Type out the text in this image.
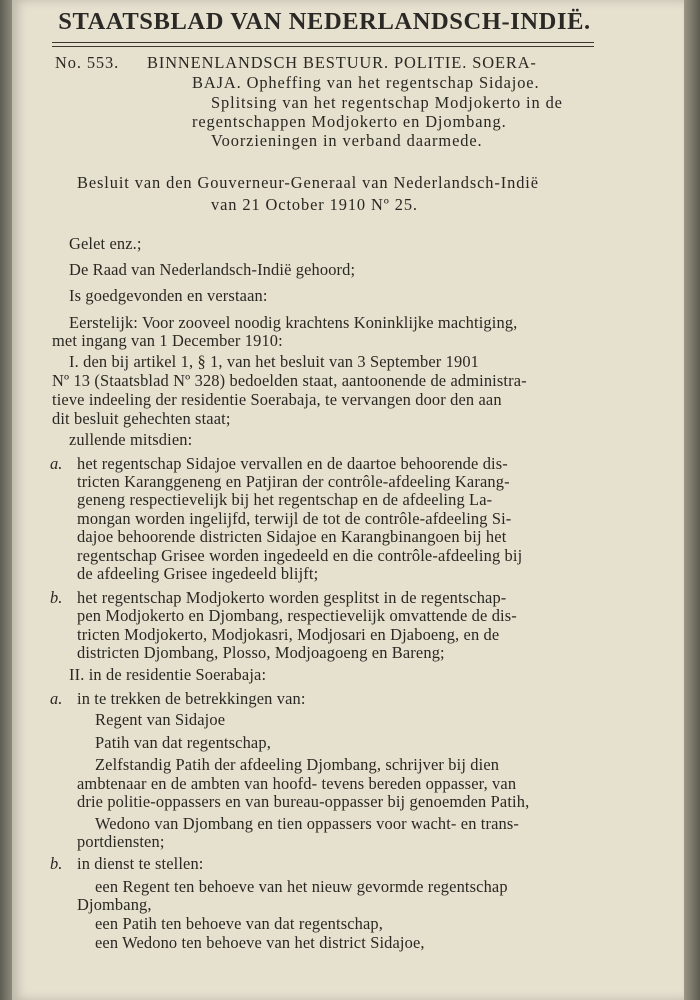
STAATSBLAD VAN NEDERLANDSCH-INDIË.
No. 553. BINNENLANDSCH BESTUUR. POLITIE. SOERA-
BAJA. Opheffing van het regentschap Sidajoe.
Splitsing van het regentschap Modjokerto in de
regentschappen Modjokerto en Djombang.
Voorzieningen in verband daarmede.
Besluit van den Gouverneur-Generaal van Nederlandsch-Indië
van 21 October 1910 Nº 25.
Gelet enz.;
De Raad van Nederlandsch-Indië gehoord;
Is goedgevonden en verstaan:
Eerstelijk: Voor zooveel noodig krachtens Koninklijke machtiging,
met ingang van 1 December 1910:
I. den bij artikel 1, § 1, van het besluit van 3 September 1901
Nº 13 (Staatsblad Nº 328) bedoelden staat, aantoonende de administra-
tieve indeeling der residentie Soerabaja, te vervangen door den aan
dit besluit gehechten staat;
zullende mitsdien:
a. het regentschap Sidajoe vervallen en de daartoe behoorende dis-
tricten Karanggeneng en Patjiran der contrôle-afdeeling Karang-
geneng respectievelijk bij het regentschap en de afdeeling La-
mongan worden ingelijfd, terwijl de tot de contrôle-afdeeling Si-
dajoe behoorende districten Sidajoe en Karangbinangoen bij het
regentschap Grisee worden ingedeeld en die contrôle-afdeeling bij
de afdeeling Grisee ingedeeld blijft;
b. het regentschap Modjokerto worden gesplitst in de regentschap-
pen Modjokerto en Djombang, respectievelijk omvattende de dis-
tricten Modjokerto, Modjokasri, Modjosari en Djaboeng, en de
districten Djombang, Plosso, Modjoagoeng en Bareng;
II. in de residentie Soerabaja:
a. in te trekken de betrekkingen van:
Regent van Sidajoe
Patih van dat regentschap,
Zelfstandig Patih der afdeeling Djombang, schrijver bij dien
ambtenaar en de ambten van hoofd- tevens bereden oppasser, van
drie politie-oppassers en van bureau-oppasser bij genoemden Patih,
Wedono van Djombang en tien oppassers voor wacht- en trans-
portdiensten;
b. in dienst te stellen:
een Regent ten behoeve van het nieuw gevormde regentschap
Djombang,
een Patih ten behoeve van dat regentschap,
een Wedono ten behoeve van het district Sidajoe,
